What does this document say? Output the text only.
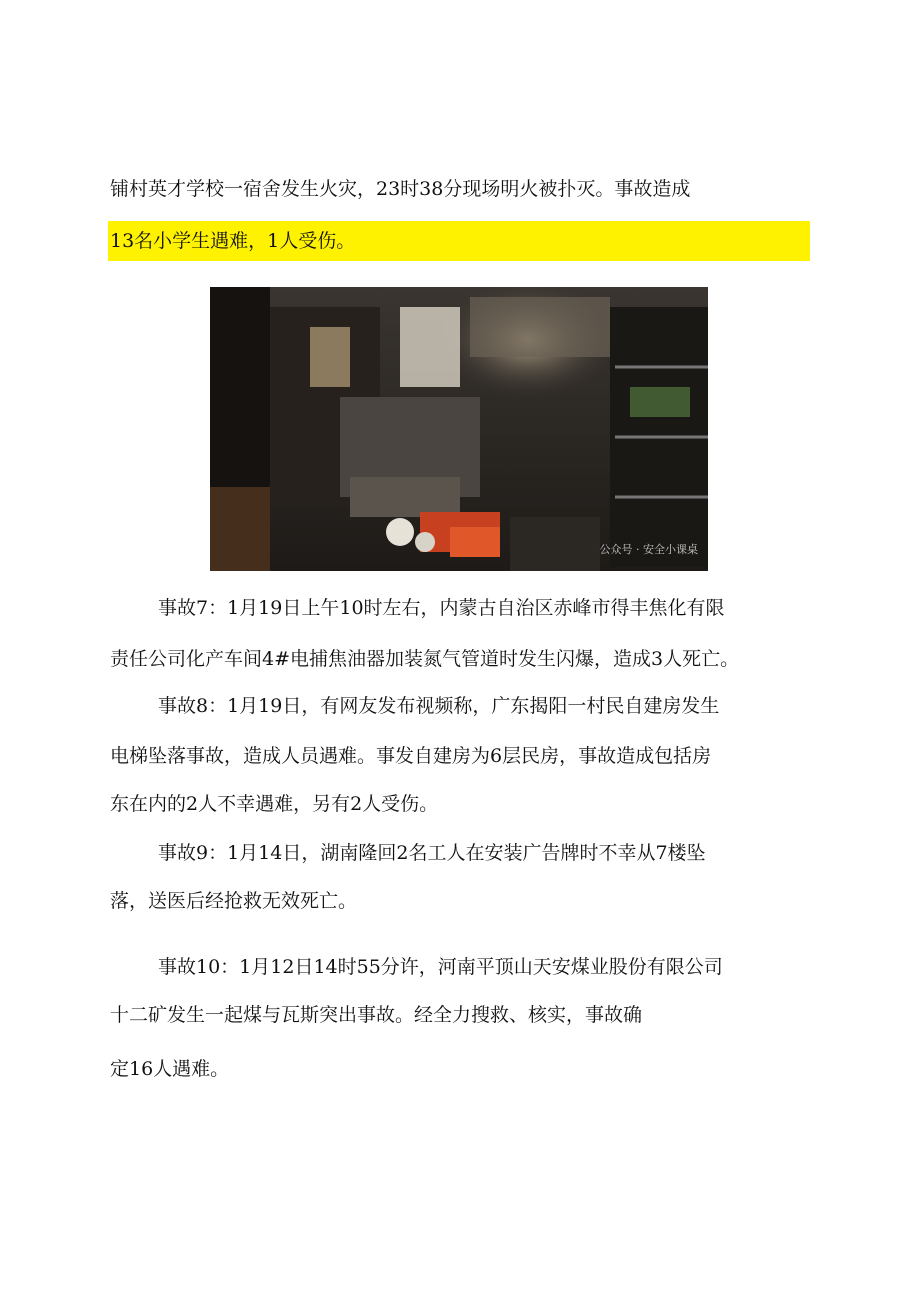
铺村英才学校一宿舍发生火灾，23时38分现场明火被扑灭。事故造成
13名小学生遇难，1人受伤。
公众号 · 安全小课桌
事故7：1月19日上午10时左右，内蒙古自治区赤峰市得丰焦化有限
责任公司化产车间4#电捕焦油器加装氮气管道时发生闪爆，造成3人死亡。
事故8：1月19日，有网友发布视频称，广东揭阳一村民自建房发生
电梯坠落事故，造成人员遇难。事发自建房为6层民房，事故造成包括房
东在内的2人不幸遇难，另有2人受伤。
事故9：1月14日，湖南隆回2名工人在安装广告牌时不幸从7楼坠
落，送医后经抢救无效死亡。
事故10：1月12日14时55分许，河南平顶山天安煤业股份有限公司
十二矿发生一起煤与瓦斯突出事故。经全力搜救、核实，事故确
定16人遇难。
